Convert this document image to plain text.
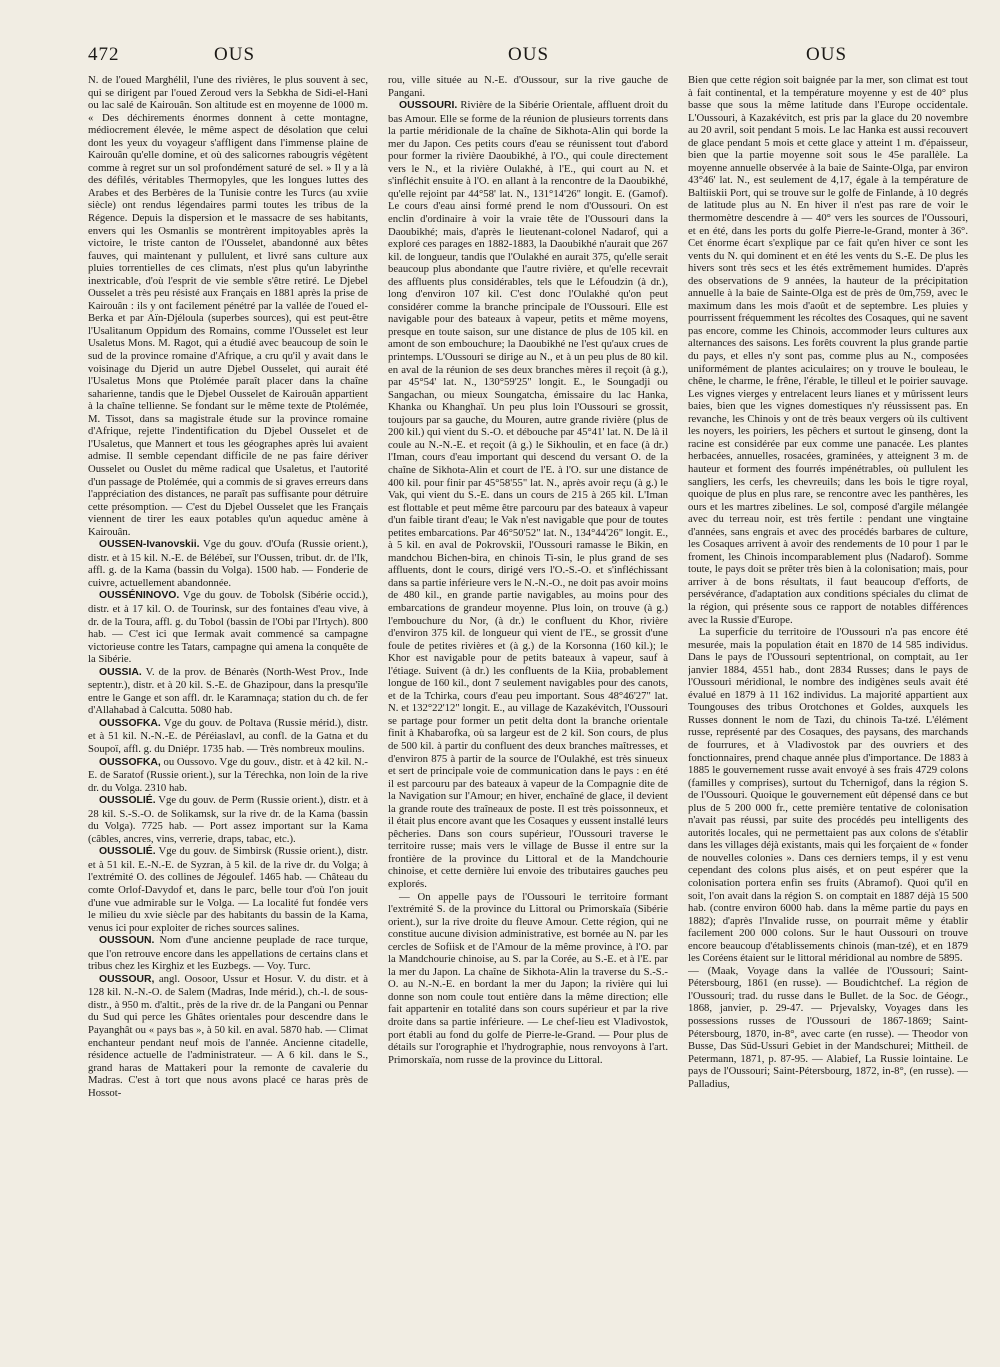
472	OUS	OUS	OUS

N. de l'oued Marghélil, l'une des rivières, le plus souvent à sec, qui se dirigent par l'oued Zeroud vers la Sebkha de Sidi-el-Hani ou lac salé de Kairouân. Son altitude est en moyenne de 1000 m. « Des déchirements énormes donnent à cette montagne, médiocrement élevée, le même aspect de désolation que celui dont les yeux du voyageur s'affligent dans l'immense plaine de Kairouân qu'elle domine, et où des salicornes rabougris végètent comme à regret sur un sol profondément saturé de sel. » Il y a là des défilés, véritables Thermopyles, que les longues luttes des Arabes et des Berbères de la Tunisie contre les Turcs (au xviie siècle) ont rendus légendaires parmi toutes les tribus de la Régence. Depuis la dispersion et le massacre de ses habitants, envers qui les Osmanlis se montrèrent impitoyables après la victoire, le triste canton de l'Ousselet, abandonné aux bêtes fauves, qui maintenant y pullulent, et livré sans culture aux pluies torrentielles de ces climats, n'est plus qu'un labyrinthe inextricable, d'où l'esprit de vie semble s'être retiré. Le Djebel Ousselet a très peu résisté aux Français en 1881 après la prise de Kairouân : ils y ont facilement pénétré par la vallée de l'oued el-Berka et par Aïn-Djéloula (superbes sources), qui est peut-être l'Usalitanum Oppidum des Romains, comme l'Ousselet est leur Usaletus Mons. M. Ragot, qui a étudié avec beaucoup de soin le sud de la province romaine d'Afrique, a cru qu'il y avait dans le voisinage du Djerid un autre Djebel Ousselet, qui aurait été l'Usaletus Mons que Ptolémée paraît placer dans la chaîne saharienne, tandis que le Djebel Ousselet de Kairouân appartient à la chaîne tellienne. Se fondant sur le même texte de Ptolémée, M. Tissot, dans sa magistrale étude sur la province romaine d'Afrique, rejette l'indentification du Djebel Ousselet et de l'Usaletus, que Mannert et tous les géographes après lui avaient admise. Il semble cependant difficile de ne pas faire dériver Ousselet ou Ouslet du même radical que Usaletus, et l'autorité d'un passage de Ptolémée, qui a commis de si graves erreurs dans l'appréciation des distances, ne paraît pas suffisante pour détruire cette présomption. — C'est du Djebel Ousselet que les Français viennent de tirer les eaux potables qu'un aqueduc amène à Kairouân.

OUSSEN-Ivanovskii. Vge du gouv. d'Oufa (Russie orient.), distr. et à 15 kil. N.-E. de Bélébeï, sur l'Oussen, tribut. dr. de l'Ik, affl. g. de la Kama (bassin du Volga). 1500 hab. — Fonderie de cuivre, actuellement abandonnée.

OUSSÉNINOVO. Vge du gouv. de Tobolsk (Sibérie occid.), distr. et à 17 kil. O. de Tourinsk, sur des fontaines d'eau vive, à dr. de la Toura, affl. g. du Tobol (bassin de l'Obi par l'Irtych). 800 hab. — C'est ici que Iermak avait commencé sa campagne victorieuse contre les Tatars, campagne qui amena la conquête de la Sibérie.

OUSSIA. V. de la prov. de Bénarès (North-West Prov., Inde septentr.), distr. et à 20 kil. S.-E. de Ghazipour, dans la presqu'île entre le Gange et son affl. dr. le Karamnaça; station du ch. de fer d'Allahabad à Calcutta. 5080 hab.

OUSSOFKA. Vge du gouv. de Poltava (Russie mérid.), distr. et à 51 kil. N.-N.-E. de Péréiaslavl, au confl. de la Gatna et du Soupoï, affl. g. du Dniépr. 1735 hab. — Très nombreux moulins.

OUSSOFKA, ou Oussovo. Vge du gouv., distr. et à 42 kil. N.-E. de Saratof (Russie orient.), sur la Térechka, non loin de la rive dr. du Volga. 2310 hab.

OUSSOLIÉ. Vge du gouv. de Perm (Russie orient.), distr. et à 28 kil. S.-S.-O. de Solikamsk, sur la rive dr. de la Kama (bassin du Volga). 7725 hab. — Port assez important sur la Kama (câbles, ancres, vins, verrerie, draps, tabac, etc.).

OUSSOLIÉ. Vge du gouv. de Simbirsk (Russie orient.), distr. et à 51 kil. E.-N.-E. de Syzran, à 5 kil. de la rive dr. du Volga; à l'extrémité O. des collines de Jégoulef. 1465 hab. — Château du comte Orlof-Davydof et, dans le parc, belle tour d'où l'on jouit d'une vue admirable sur le Volga. — La localité fut fondée vers le milieu du xvie siècle par des habitants du bassin de la Kama, venus ici pour exploiter de riches sources salines.

OUSSOUN. Nom d'une ancienne peuplade de race turque, que l'on retrouve encore dans les appellations de certains clans et tribus chez les Kirghiz et les Euzbegs. — Voy. Turc.

OUSSOUR, angl. Oosoor, Ussur et Hosur. V. du distr. et à 128 kil. N.-N.-O. de Salem (Madras, Inde mérid.), ch.-l. de sous-distr., à 950 m. d'altit., près de la rive dr. de la Pangani ou Pennar du Sud qui perce les Ghâtes orientales pour descendre dans le Payanghât ou « pays bas », à 50 kil. en aval. 5870 hab. — Climat enchanteur pendant neuf mois de l'année. Ancienne citadelle, résidence actuelle de l'administrateur. — A 6 kil. dans le S., grand haras de Mattakeri pour la remonte de cavalerie du Madras. C'est à tort que nous avons placé ce haras près de Hossot-

rou, ville située au N.-E. d'Oussour, sur la rive gauche de Pangani.

OUSSOURI. Rivière de la Sibérie Orientale, affluent droit du bas Amour. Elle se forme de la réunion de plusieurs torrents dans la partie méridionale de la chaîne de Sikhota-Alin qui borde la mer du Japon. Ces petits cours d'eau se réunissent tout d'abord pour former la rivière Daoubikhé, à l'O., qui coule directement vers le N., et la rivière Oulakhé, à l'E., qui court au N. et s'infléchit ensuite à l'O. en allant à la rencontre de la Daoubikhé, qu'elle rejoint par 44°58' lat. N., 131°14'26" longit. E. (Gamof). Le cours d'eau ainsi formé prend le nom d'Oussouri. On est enclin d'ordinaire à voir la vraie tête de l'Oussouri dans la Daoubikhé; mais, d'après le lieutenant-colonel Nadarof, qui a exploré ces parages en 1882-1883, la Daoubikhé n'aurait que 267 kil. de longueur, tandis que l'Oulakhé en aurait 375, qu'elle serait beaucoup plus abondante que l'autre rivière, et qu'elle recevrait des affluents plus considérables, tels que le Léfoudzin (à dr.), long d'environ 107 kil. C'est donc l'Oulakhé qu'on peut considérer comme la branche principale de l'Oussouri. Elle est navigable pour des bateaux à vapeur, petits et même moyens, presque en toute saison, sur une distance de plus de 105 kil. en amont de son embouchure; la Daoubikhé ne l'est qu'aux crues de printemps. L'Oussouri se dirige au N., et à un peu plus de 80 kil. en aval de la réunion de ses deux branches mères il reçoit (à g.), par 45°54' lat. N., 130°59'25" longit. E., le Soungadji ou Sangachan, ou mieux Soungatcha, émissaire du lac Hanka, Khanka ou Khanghaï. Un peu plus loin l'Oussouri se grossit, toujours par sa gauche, du Mouren, autre grande rivière (plus de 200 kil.) qui vient du S.-O. et débouche par 45°41' lat. N. De là il coule au N.-N.-E. et reçoit (à g.) le Sikhoulin, et en face (à dr.) l'Iman, cours d'eau important qui descend du versant O. de la chaîne de Sikhota-Alin et court de l'E. à l'O. sur une distance de 400 kil. pour finir par 45°58'55" lat. N., après avoir reçu (à g.) le Vak, qui vient du S.-E. dans un cours de 215 à 265 kil. L'Iman est flottable et peut même être parcouru par des bateaux à vapeur d'un faible tirant d'eau; le Vak n'est navigable que pour de toutes petites embarcations. Par 46°50'52" lat. N., 134°44'26" longit. E., à 5 kil. en aval de Pokrovskii, l'Oussouri ramasse le Bikin, en mandchou Bichen-bira, en chinois Ti-sin, le plus grand de ses affluents, dont le cours, dirigé vers l'O.-S.-O. et s'infléchissant dans sa partie inférieure vers le N.-N.-O., ne doit pas avoir moins de 480 kil., en grande partie navigables, au moins pour des embarcations de grandeur moyenne. Plus loin, on trouve (à g.) l'embouchure du Nor, (à dr.) le confluent du Khor, rivière d'environ 375 kil. de longueur qui vient de l'E., se grossit d'une foule de petites rivières et (à g.) de la Korsonna (160 kil.); le Khor est navigable pour de petits bateaux à vapeur, sauf à l'étiage. Suivent (à dr.) les confluents de la Kiia, probablement longue de 160 kil., dont 7 seulement navigables pour des canots, et de la Tchirka, cours d'eau peu important. Sous 48°46'27" lat. N. et 132°22'12" longit. E., au village de Kazakévitch, l'Oussouri se partage pour former un petit delta dont la branche orientale finit à Khabarofka, où sa largeur est de 2 kil. Son cours, de plus de 500 kil. à partir du confluent des deux branches maîtresses, et d'environ 875 à partir de la source de l'Oulakhé, est très sinueux et sert de principale voie de communication dans le pays : en été il est parcouru par des bateaux à vapeur de la Compagnie dite de la Navigation sur l'Amour; en hiver, enchaîné de glace, il devient la grande route des traîneaux de poste. Il est très poissonneux, et il était plus encore avant que les Cosaques y eussent installé leurs pêcheries. Dans son cours supérieur, l'Oussouri traverse le territoire russe; mais vers le village de Busse il entre sur la frontière de la province du Littoral et de la Mandchourie chinoise, et cette dernière lui envoie des tributaires gauches peu explorés.

— On appelle pays de l'Oussouri le territoire formant l'extrémité S. de la province du Littoral ou Primorskaïa (Sibérie orient.), sur la rive droite du fleuve Amour. Cette région, qui ne constitue aucune division administrative, est bornée au N. par les cercles de Sofiisk et de l'Amour de la même province, à l'O. par la Mandchourie chinoise, au S. par la Corée, au S.-E. et à l'E. par la mer du Japon. La chaîne de Sikhota-Alin la traverse du S.-S.-O. au N.-N.-E. en bordant la mer du Japon; la rivière qui lui donne son nom coule tout entière dans la même direction; elle fait appartenir en totalité dans son cours supérieur et par la rive droite dans sa partie inférieure. — Le chef-lieu est Vladivostok, port établi au fond du golfe de Pierre-le-Grand. — Pour plus de détails sur l'orographie et l'hydrographie, nous renvoyons à l'art. Primorskaïa, nom russe de la province du Littoral.

Bien que cette région soit baignée par la mer, son climat est tout à fait continental, et la température moyenne y est de 40° plus basse que sous la même latitude dans l'Europe occidentale. L'Oussouri, à Kazakévitch, est pris par la glace du 20 novembre au 20 avril, soit pendant 5 mois. Le lac Hanka est aussi recouvert de glace pendant 5 mois et cette glace y atteint 1 m. d'épaisseur, bien que la partie moyenne soit sous le 45e parallèle. La moyenne annuelle observée à la baie de Sainte-Olga, par environ 43°46' lat. N., est seulement de 4,17, égale à la température de Baltiiskii Port, qui se trouve sur le golfe de Finlande, à 10 degrés de latitude plus au N. En hiver il n'est pas rare de voir le thermomètre descendre à — 40° vers les sources de l'Oussouri, et en été, dans les ports du golfe Pierre-le-Grand, monter à 36°. Cet énorme écart s'explique par ce fait qu'en hiver ce sont les vents du N. qui dominent et en été les vents du S.-E. De plus les hivers sont très secs et les étés extrêmement humides. D'après des observations de 9 années, la hauteur de la précipitation annuelle à la baie de Sainte-Olga est de près de 0m,759, avec le maximum dans les mois d'août et de septembre. Les pluies y pourrissent fréquemment les récoltes des Cosaques, qui ne savent pas encore, comme les Chinois, accommoder leurs cultures aux alternances des saisons. Les forêts couvrent la plus grande partie du pays, et elles n'y sont pas, comme plus au N., composées uniformément de plantes aciculaires; on y trouve le bouleau, le chêne, le charme, le frêne, l'érable, le tilleul et le poirier sauvage. Les vignes vierges y entrelacent leurs lianes et y mûrissent leurs baies, bien que les vignes domestiques n'y réussissent pas. En revanche, les Chinois y ont de très beaux vergers où ils cultivent les noyers, les poiriers, les pêchers et surtout le ginseng, dont la racine est considérée par eux comme une panacée. Les plantes herbacées, annuelles, rosacées, graminées, y atteignent 3 m. de hauteur et forment des fourrés impénétrables, où pullulent les sangliers, les cerfs, les chevreuils; dans les bois le tigre royal, quoique de plus en plus rare, se rencontre avec les panthères, les ours et les martres zibelines. Le sol, composé d'argile mélangée avec du terreau noir, est très fertile : pendant une vingtaine d'années, sans engrais et avec des procédés barbares de culture, les Cosaques arrivent à avoir des rendements de 10 pour 1 par le froment, les Chinois incomparablement plus (Nadarof). Somme toute, le pays doit se prêter très bien à la colonisation; mais, pour arriver à de bons résultats, il faut beaucoup d'efforts, de persévérance, d'adaptation aux conditions spéciales du climat de la région, qui présente sous ce rapport de notables différences avec la Russie d'Europe.

La superficie du territoire de l'Oussouri n'a pas encore été mesurée, mais la population était en 1870 de 14 585 individus. Dans le pays de l'Oussouri septentrional, on comptait, au 1er janvier 1884, 4551 hab., dont 2834 Russes; dans le pays de l'Oussouri méridional, le nombre des indigènes seuls avait été évalué en 1879 à 11 162 individus. La majorité appartient aux Toungouses des tribus Orotchones et Goldes, auxquels les Russes donnent le nom de Tazi, du chinois Ta-tzé. L'élément russe, représenté par des Cosaques, des paysans, des marchands de fourrures, et à Vladivostok par des ouvriers et des fonctionnaires, prend chaque année plus d'importance. De 1883 à 1885 le gouvernement russe avait envoyé à ses frais 4729 colons (familles y comprises), surtout du Tchernigof, dans la région S. de l'Oussouri. Quoique le gouvernement eût dépensé dans ce but plus de 5 200 000 fr., cette première tentative de colonisation n'avait pas réussi, par suite des procédés peu intelligents des autorités locales, qui ne permettaient pas aux colons de s'établir dans les villages déjà existants, mais qui les forçaient de « fonder de nouvelles colonies ». Dans ces derniers temps, il y est venu cependant des colons plus aisés, et on peut espérer que la colonisation portera enfin ses fruits (Abramof). Quoi qu'il en soit, l'on avait dans la région S. on comptait en 1887 déjà 15 500 hab. (contre environ 6000 hab. dans la même partie du pays en 1882); d'après l'Invalide russe, on pourrait même y établir facilement 200 000 colons. Sur le haut Oussouri on trouve encore beaucoup d'établissements chinois (man-tzé), et en 1879 les Coréens étaient sur le littoral méridional au nombre de 5895.

— (Maak, Voyage dans la vallée de l'Oussouri; Saint-Pétersbourg, 1861 (en russe). — Boudichtchef. La région de l'Oussouri; trad. du russe dans le Bullet. de la Soc. de Géogr., 1868, janvier, p. 29-47. — Prjevalsky, Voyages dans les possessions russes de l'Oussouri de 1867-1869; Saint-Pétersbourg, 1870, in-8°, avec carte (en russe). — Theodor von Busse, Das Süd-Ussuri Gebiet in der Mandschurei; Mittheil. de Petermann, 1871, p. 87-95. — Alabief, La Russie lointaine. Le pays de l'Oussouri; Saint-Pétersbourg, 1872, in-8°, (en russe). — Palladius,
